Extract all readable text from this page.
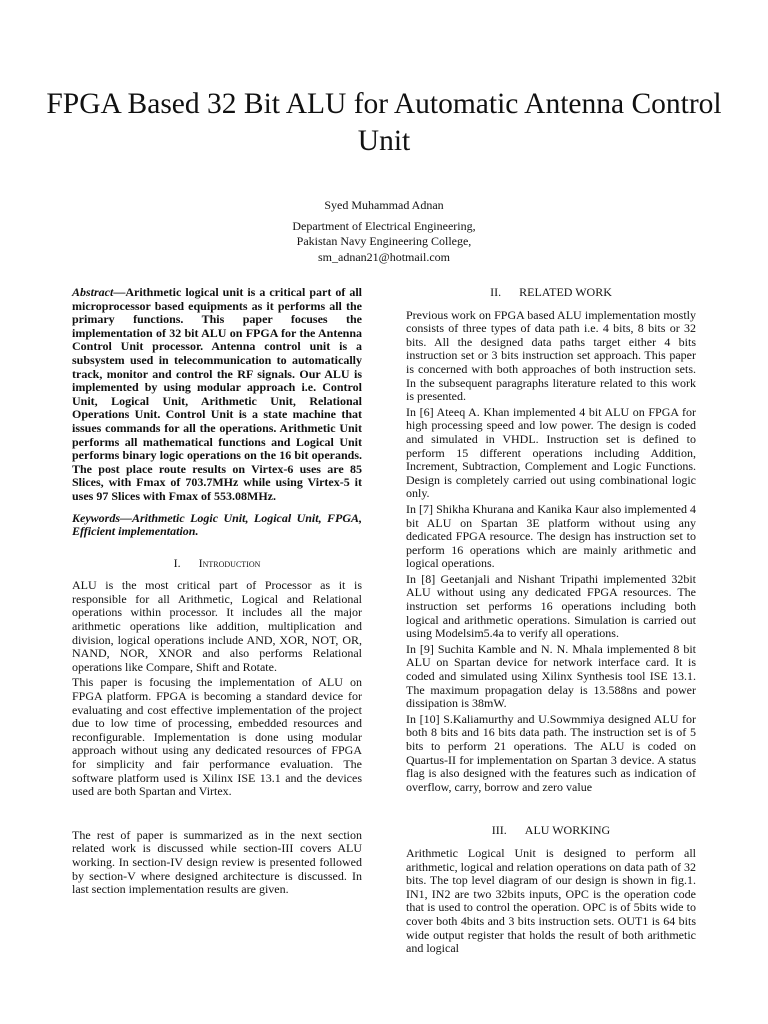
FPGA Based 32 Bit ALU for Automatic Antenna Control Unit
Syed Muhammad Adnan
Department of Electrical Engineering,
Pakistan Navy Engineering College,
sm_adnan21@hotmail.com

Abstract—Arithmetic logical unit is a critical part of all microprocessor based equipments as it performs all the primary functions. This paper focuses the implementation of 32 bit ALU on FPGA for the Antenna Control Unit processor. Antenna control unit is a subsystem used in telecommunication to automatically track, monitor and control the RF signals. Our ALU is implemented by using modular approach i.e. Control Unit, Logical Unit, Arithmetic Unit, Relational Operations Unit. Control Unit is a state machine that issues commands for all the operations. Arithmetic Unit performs all mathematical functions and Logical Unit performs binary logic operations on the 16 bit operands. The post place route results on Virtex-6 uses are 85 Slices, with Fmax of 703.7MHz while using Virtex-5 it uses 97 Slices with Fmax of 553.08MHz.

Keywords—Arithmetic Logic Unit, Logical Unit, FPGA, Efficient implementation.

I. Introduction

ALU is the most critical part of Processor as it is responsible for all Arithmetic, Logical and Relational operations within processor. It includes all the major arithmetic operations like addition, multiplication and division, logical operations include AND, XOR, NOT, OR, NAND, NOR, XNOR and also performs Relational operations like Compare, Shift and Rotate.

This paper is focusing the implementation of ALU on FPGA platform. FPGA is becoming a standard device for evaluating and cost effective implementation of the project due to low time of processing, embedded resources and reconfigurable. Implementation is done using modular approach without using any dedicated resources of FPGA for simplicity and fair performance evaluation. The software platform used is Xilinx ISE 13.1 and the devices used are both Spartan and Virtex.

The rest of paper is summarized as in the next section related work is discussed while section-III covers ALU working. In section-IV design review is presented followed by section-V where designed architecture is discussed. In last section implementation results are given.

II. RELATED WORK

Previous work on FPGA based ALU implementation mostly consists of three types of data path i.e. 4 bits, 8 bits or 32 bits. All the designed data paths target either 4 bits instruction set or 3 bits instruction set approach. This paper is concerned with both approaches of both instruction sets. In the subsequent paragraphs literature related to this work is presented.

In [6] Ateeq A. Khan implemented 4 bit ALU on FPGA for high processing speed and low power. The design is coded and simulated in VHDL. Instruction set is defined to perform 15 different operations including Addition, Increment, Subtraction, Complement and Logic Functions. Design is completely carried out using combinational logic only.

In [7] Shikha Khurana and Kanika Kaur also implemented 4 bit ALU on Spartan 3E platform without using any dedicated FPGA resource. The design has instruction set to perform 16 operations which are mainly arithmetic and logical operations.

In [8] Geetanjali and Nishant Tripathi implemented 32bit ALU without using any dedicated FPGA resources. The instruction set performs 16 operations including both logical and arithmetic operations. Simulation is carried out using Modelsim5.4a to verify all operations.

In [9] Suchita Kamble and N. N. Mhala implemented 8 bit ALU on Spartan device for network interface card. It is coded and simulated using Xilinx Synthesis tool ISE 13.1. The maximum propagation delay is 13.588ns and power dissipation is 38mW.

In [10] S.Kaliamurthy and U.Sowmmiya designed ALU for both 8 bits and 16 bits data path. The instruction set is of 5 bits to perform 21 operations. The ALU is coded on Quartus-II for implementation on Spartan 3 device. A status flag is also designed with the features such as indication of overflow, carry, borrow and zero value

III. ALU WORKING

Arithmetic Logical Unit is designed to perform all arithmetic, logical and relation operations on data path of 32 bits. The top level diagram of our design is shown in fig.1. IN1, IN2 are two 32bits inputs, OPC is the operation code that is used to control the operation. OPC is of 5bits wide to cover both 4bits and 3 bits instruction sets. OUT1 is 64 bits wide output register that holds the result of both arithmetic and logical
